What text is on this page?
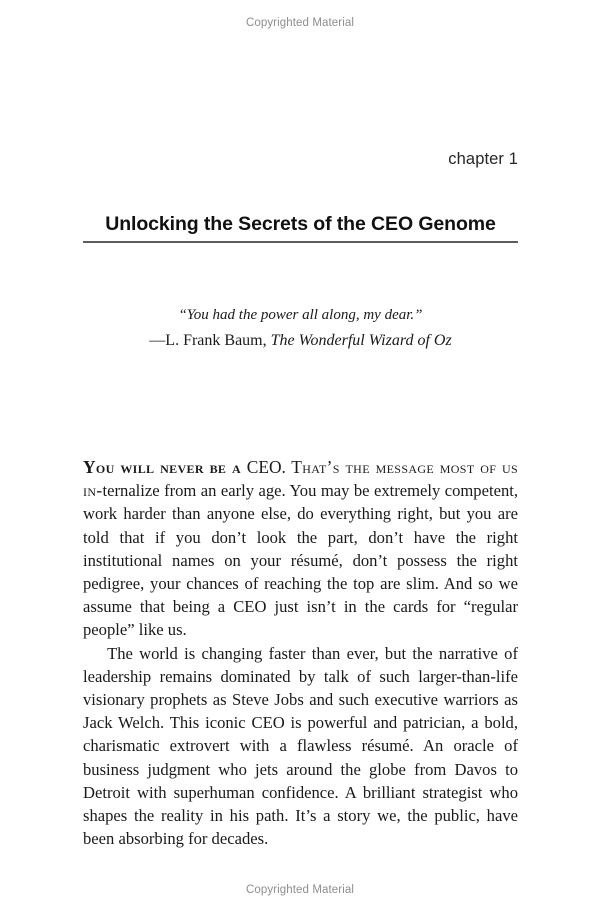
Copyrighted Material
chapter 1
Unlocking the Secrets of the CEO Genome
“You had the power all along, my dear.”
—L. Frank Baum, The Wonderful Wizard of Oz

You will never be a CEO. That’s the message most of us in-ternalize from an early age. You may be extremely competent, work harder than anyone else, do everything right, but you are told that if you don’t look the part, don’t have the right institutional names on your résumé, don’t possess the right pedigree, your chances of reaching the top are slim. And so we assume that being a CEO just isn’t in the cards for “regular people” like us.

The world is changing faster than ever, but the narrative of leadership remains dominated by talk of such larger-than-life visionary prophets as Steve Jobs and such executive warriors as Jack Welch. This iconic CEO is powerful and patrician, a bold, charismatic extrovert with a flawless résumé. An oracle of business judgment who jets around the globe from Davos to Detroit with superhuman confidence. A brilliant strategist who shapes the reality in his path. It’s a story we, the public, have been absorbing for decades.

Copyrighted Material
